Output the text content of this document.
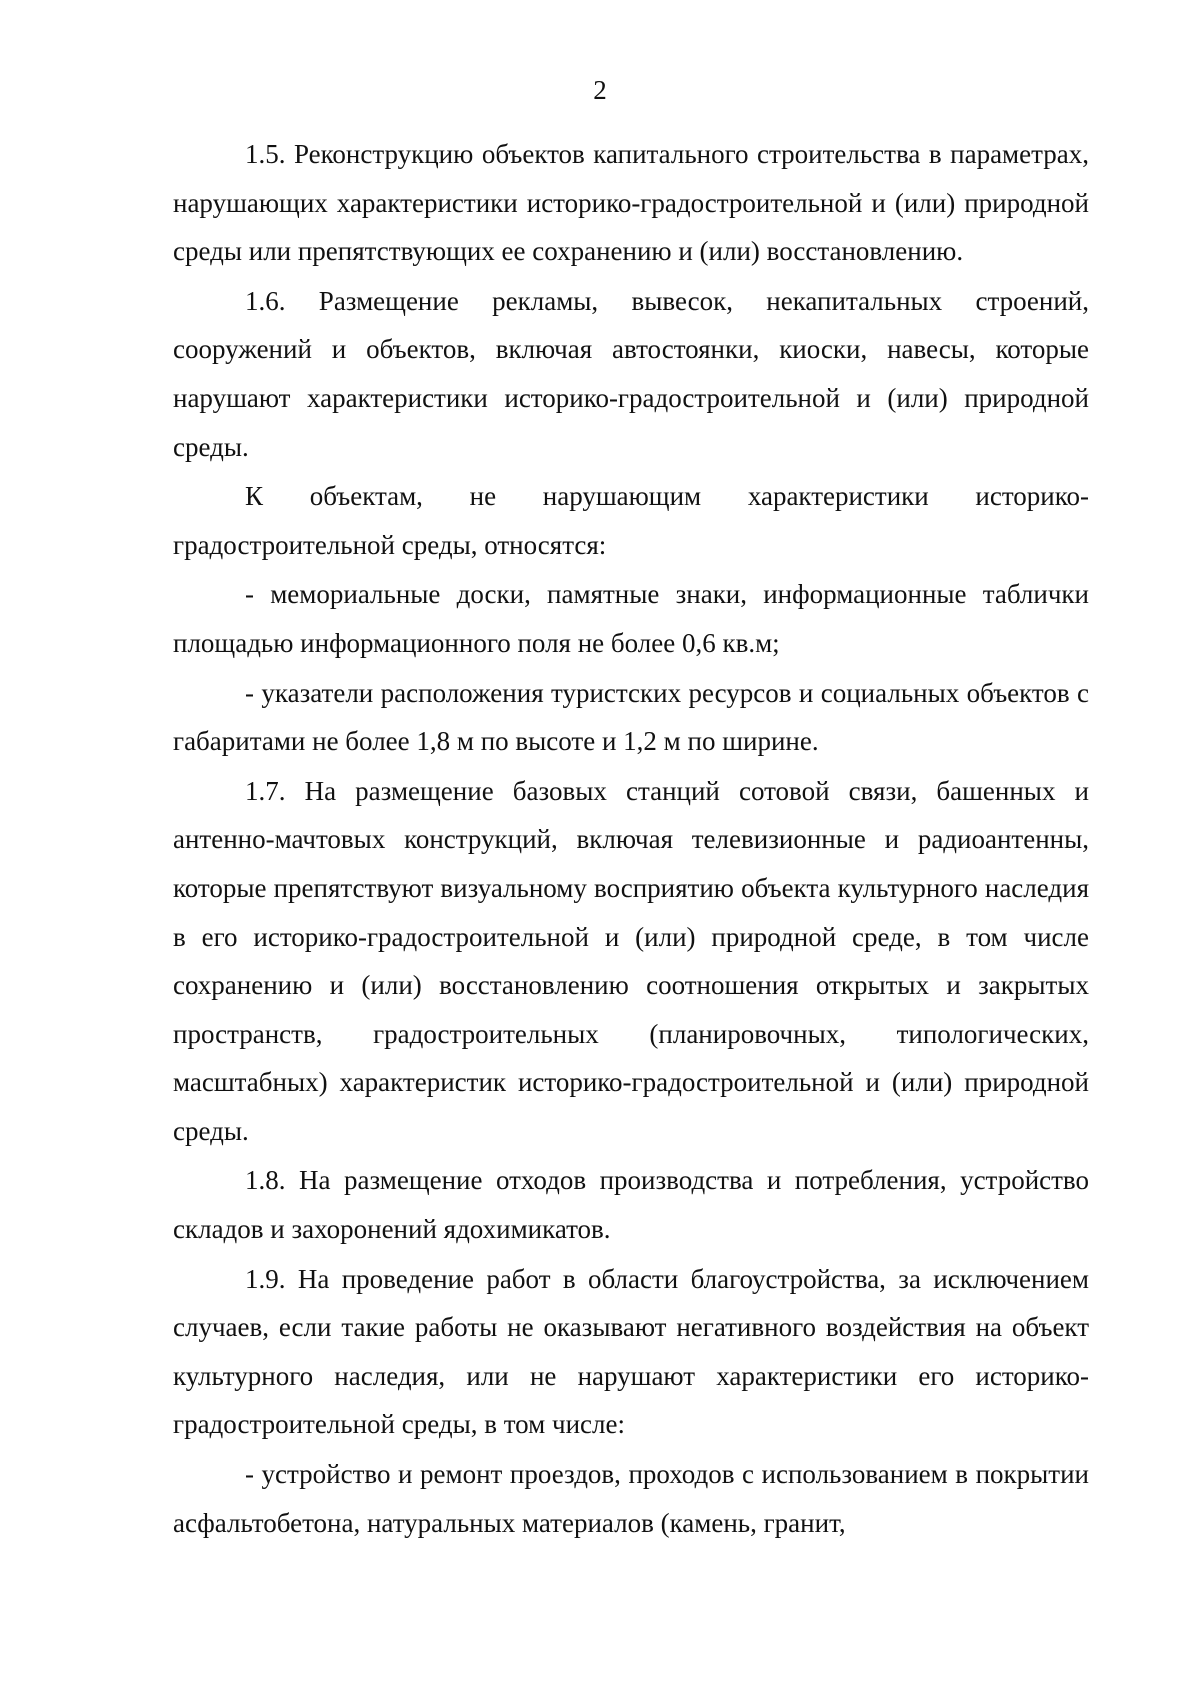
2

1.5. Реконструкцию объектов капитального строительства в параметрах, нарушающих характеристики историко-градостроительной и (или) природной среды или препятствующих ее сохранению и (или) восстановлению.

1.6. Размещение рекламы, вывесок, некапитальных строений, сооружений и объектов, включая автостоянки, киоски, навесы, которые нарушают характеристики историко-градостроительной и (или) природной среды.

К объектам, не нарушающим характеристики историко-градостроительной среды, относятся:

- мемориальные доски, памятные знаки, информационные таблички площадью информационного поля не более 0,6 кв.м;

- указатели расположения туристских ресурсов и социальных объектов с габаритами не более 1,8 м по высоте и 1,2 м по ширине.

1.7. На размещение базовых станций сотовой связи, башенных и антенно-мачтовых конструкций, включая телевизионные и радиоантенны, которые препятствуют визуальному восприятию объекта культурного наследия в его историко-градостроительной и (или) природной среде, в том числе сохранению и (или) восстановлению соотношения открытых и закрытых пространств, градостроительных (планировочных, типологических, масштабных) характеристик историко-градостроительной и (или) природной среды.

1.8. На размещение отходов производства и потребления, устройство складов и захоронений ядохимикатов.

1.9. На проведение работ в области благоустройства, за исключением случаев, если такие работы не оказывают негативного воздействия на объект культурного наследия, или не нарушают характеристики его историко-градостроительной среды, в том числе:

- устройство и ремонт проездов, проходов с использованием в покрытии асфальтобетона, натуральных материалов (камень, гранит,
